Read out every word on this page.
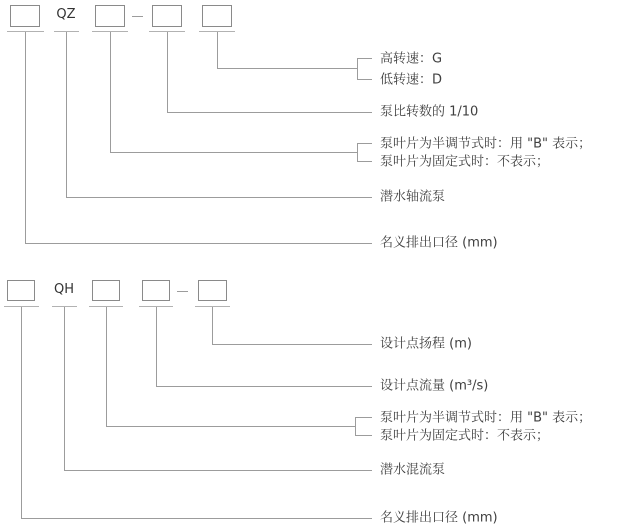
QZ
高转速：G
低转速：D
泵比转数的 1/10
泵叶片为半调节式时：用 "B" 表示；
泵叶片为固定式时：不表示；
潜水轴流泵
名义排出口径 (mm)
QH
设计点扬程 (m)
设计点流量 (m³/s)
泵叶片为半调节式时：用 "B" 表示；
泵叶片为固定式时：不表示；
潜水混流泵
名义排出口径 (mm)
